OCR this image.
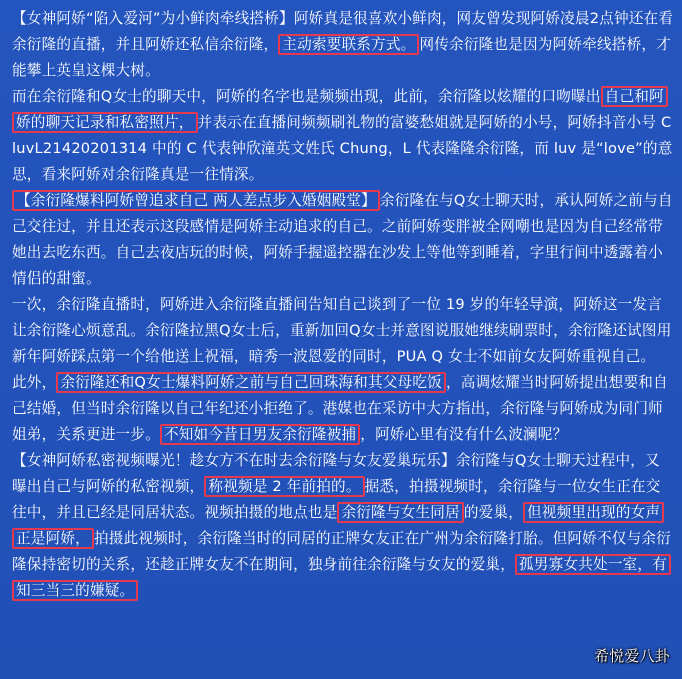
【女神阿娇“陷入爱河”为小鲜肉牵线搭桥】阿娇真是很喜欢小鲜肉，网友曾发现阿娇凌晨2点钟还在看余衍隆的直播，并且阿娇还私信余衍隆， 主动索要联系方式。 网传余衍隆也是因为阿娇牵线搭桥，才能攀上英皇这棵大树。

而在余衍隆和Q女士的聊天中，阿娇的名字也是频频出现，此前，余衍隆以炫耀的口吻曝出 自己和阿娇的聊天记录和私密照片， 并表示在直播间频频刷礼物的富婆愁姐就是阿娇的小号，阿娇抖音小号 CluvL21420201314 中的 C 代表钟欣潼英文姓氏 Chung，L 代表隆隆余衍隆，而 luv 是“love”的意思，看来阿娇对余衍隆真是一往情深。

【余衍隆爆料阿娇曾追求自己 两人差点步入婚姻殿堂】 余衍隆在与Q女士聊天时，承认阿娇之前与自己交往过，并且还表示这段感情是阿娇主动追求的自己。之前阿娇变胖被全网嘲也是因为自己经常带她出去吃东西。自己去夜店玩的时候，阿娇手握遥控器在沙发上等他等到睡着，字里行间中透露着小情侣的甜蜜。

一次，余衍隆直播时，阿娇进入余衍隆直播间告知自己谈到了一位 19 岁的年轻导演，阿娇这一发言让余衍隆心烦意乱。余衍隆拉黑Q女士后，重新加回Q女士并意图说服她继续刷票时，余衍隆还试图用新年阿娇踩点第一个给他送上祝福，暗秀一波恩爱的同时，PUA Q 女士不如前女友阿娇重视自己。

此外， 余衍隆还和Q女士爆料阿娇之前与自己回珠海和其父母吃饭 ，高调炫耀当时阿娇提出想要和自己结婚，但当时余衍隆以自己年纪还小拒绝了。港媒也在采访中大方指出，余衍隆与阿娇成为同门师姐弟，关系更进一步。 不知如今昔日男友余衍隆被捕 ，阿娇心里有没有什么波澜呢？

【女神阿娇私密视频曝光！趁女方不在时去余衍隆与女友爱巢玩乐】余衍隆与Q女士聊天过程中，又曝出自己与阿娇的私密视频， 称视频是 2 年前拍的。 据悉，拍摄视频时，余衍隆与一位女生正在交往中，并且已经是同居状态。视频拍摄的地点也是 余衍隆与女生同居 的爱巢， 但视频里出现的女声正是阿娇， 拍摄此视频时，余衍隆当时的同居的正牌女友正在广州为余衍隆打胎。但阿娇不仅与余衍隆保持密切的关系，还趁正牌女友不在期间，独身前往余衍隆与女友的爱巢， 孤男寡女共处一室，有知三当三的嫌疑。

希悦爱八卦
